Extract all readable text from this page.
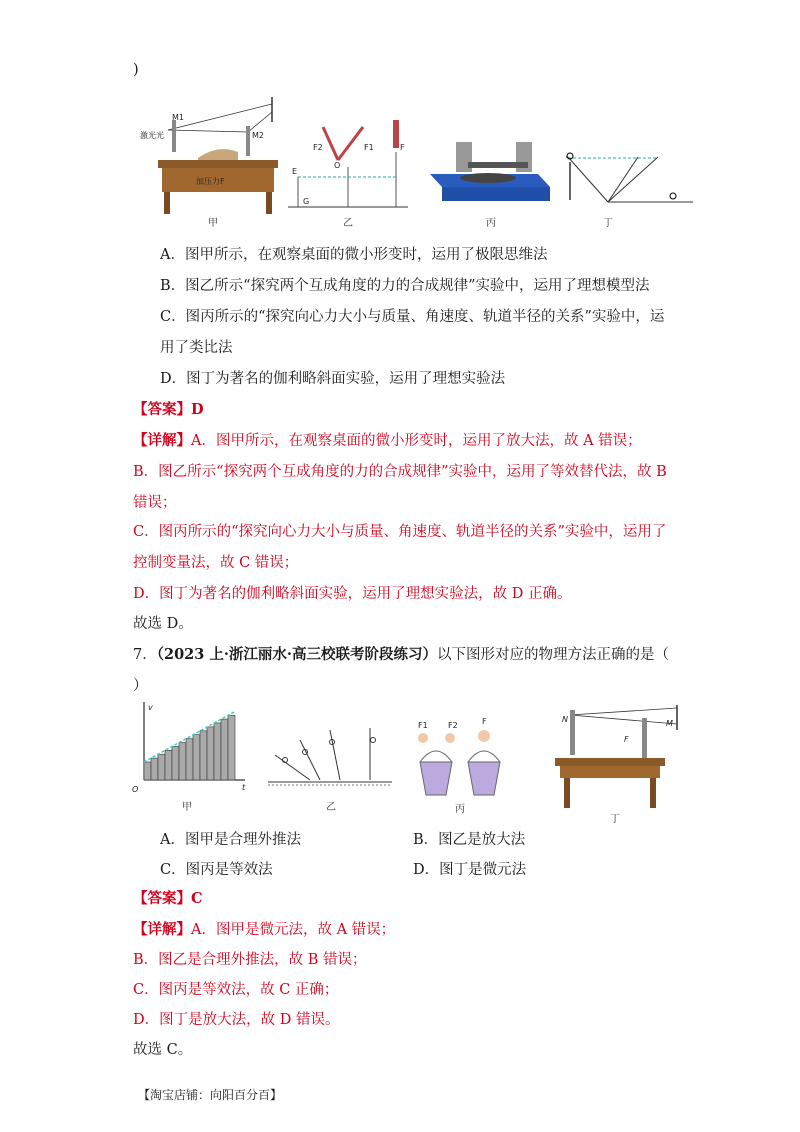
)
M1
M2
激光光
加压力F
甲
F2	F1	F
O
E
G
乙	丙	丁
A．图甲所示，在观察桌面的微小形变时，运用了极限思维法
B．图乙所示“探究两个互成角度的力的合成规律”实验中，运用了理想模型法
C．图丙所示的“探究向心力大小与质量、角速度、轨道半径的关系”实验中，运
用了类比法
D．图丁为著名的伽利略斜面实验，运用了理想实验法
【答案】D
【详解】A．图甲所示，在观察桌面的微小形变时，运用了放大法，故 A 错误；
B．图乙所示“探究两个互成角度的力的合成规律”实验中，运用了等效替代法，故 B
错误；
C．图丙所示的“探究向心力大小与质量、角速度、轨道半径的关系”实验中，运用了
控制变量法，故 C 错误；
D．图丁为著名的伽利略斜面实验，运用了理想实验法，故 D 正确。
故选 D。
7．（2023 上·浙江丽水·高三校联考阶段练习）以下图形对应的物理方法正确的是（
）
v
t
O
甲	乙
F1	F2	F
丙
N	M
F
丁
A．图甲是合理外推法	B．图乙是放大法
C．图丙是等效法	D．图丁是微元法
【答案】C
【详解】A．图甲是微元法，故 A 错误；
B．图乙是合理外推法，故 B 错误；
C．图丙是等效法，故 C 正确；
D．图丁是放大法，故 D 错误。
故选 C。
【淘宝店铺：向阳百分百】
